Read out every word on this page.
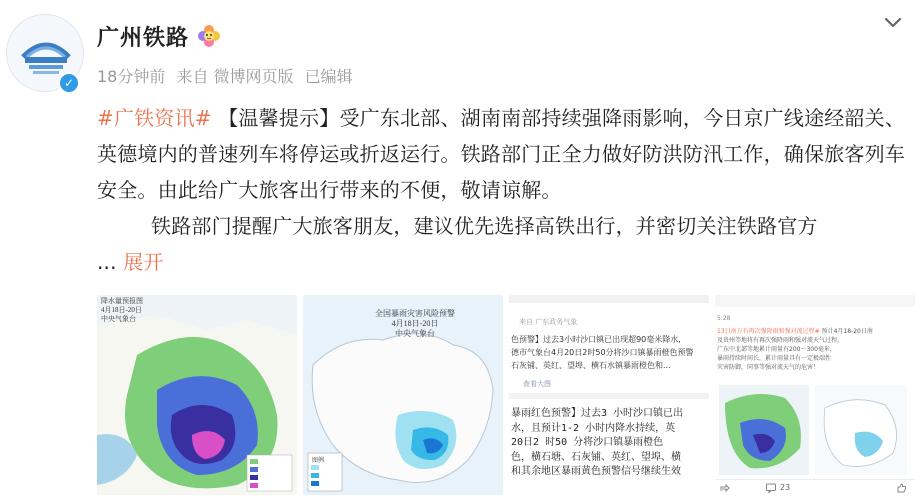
✓
广州铁路
18分钟前 来自 微博网页版 已编辑

#广铁资讯# 【温馨提示】受广东北部、湖南南部持续强降雨影响，今日京广线途经韶关、英德境内的普速列车将停运或折返运行。铁路部门正全力做好防洪防汛工作，确保旅客列车安全。由此给广大旅客出行带来的不便，敬请谅解。

铁路部门提醒广大旅客朋友，建议优先选择高铁出行，并密切关注铁路官方

... 展开

降水量预报图
4月18日-20日
中央气象台
全国暴雨灾害风险预警
4月18日-20日
中央气象台
图例
来自 广东政务气象
色预警】过去3小时沙口镇已出现超90毫米降水,
德市气象台4月20日2时50分将沙口镇暴雨橙色预警
石灰铺、英红、望埠、横石水镇暴雨橙色和...
查看大图
暴雨红色预警】过去3 小时沙口镇已出
水，且预计1-2 小时内降水持续，英
20日2 时50 分将沙口镇暴雨橙色
色，横石塘、石灰铺、英红、望埠、横
和其余地区暴雨黄色预警信号继续生效
5:28
13日南方有再次强降雨和强对流过程# 预计4月18-20日南
及贵州等地将有再次强降雨和强对流天气过程，
广东中北部等地累计雨量有200～300毫米，
暴雨持续时间长，累计雨量具有一定极端性
灾害防御，同事等强对流天气的危害！
23
